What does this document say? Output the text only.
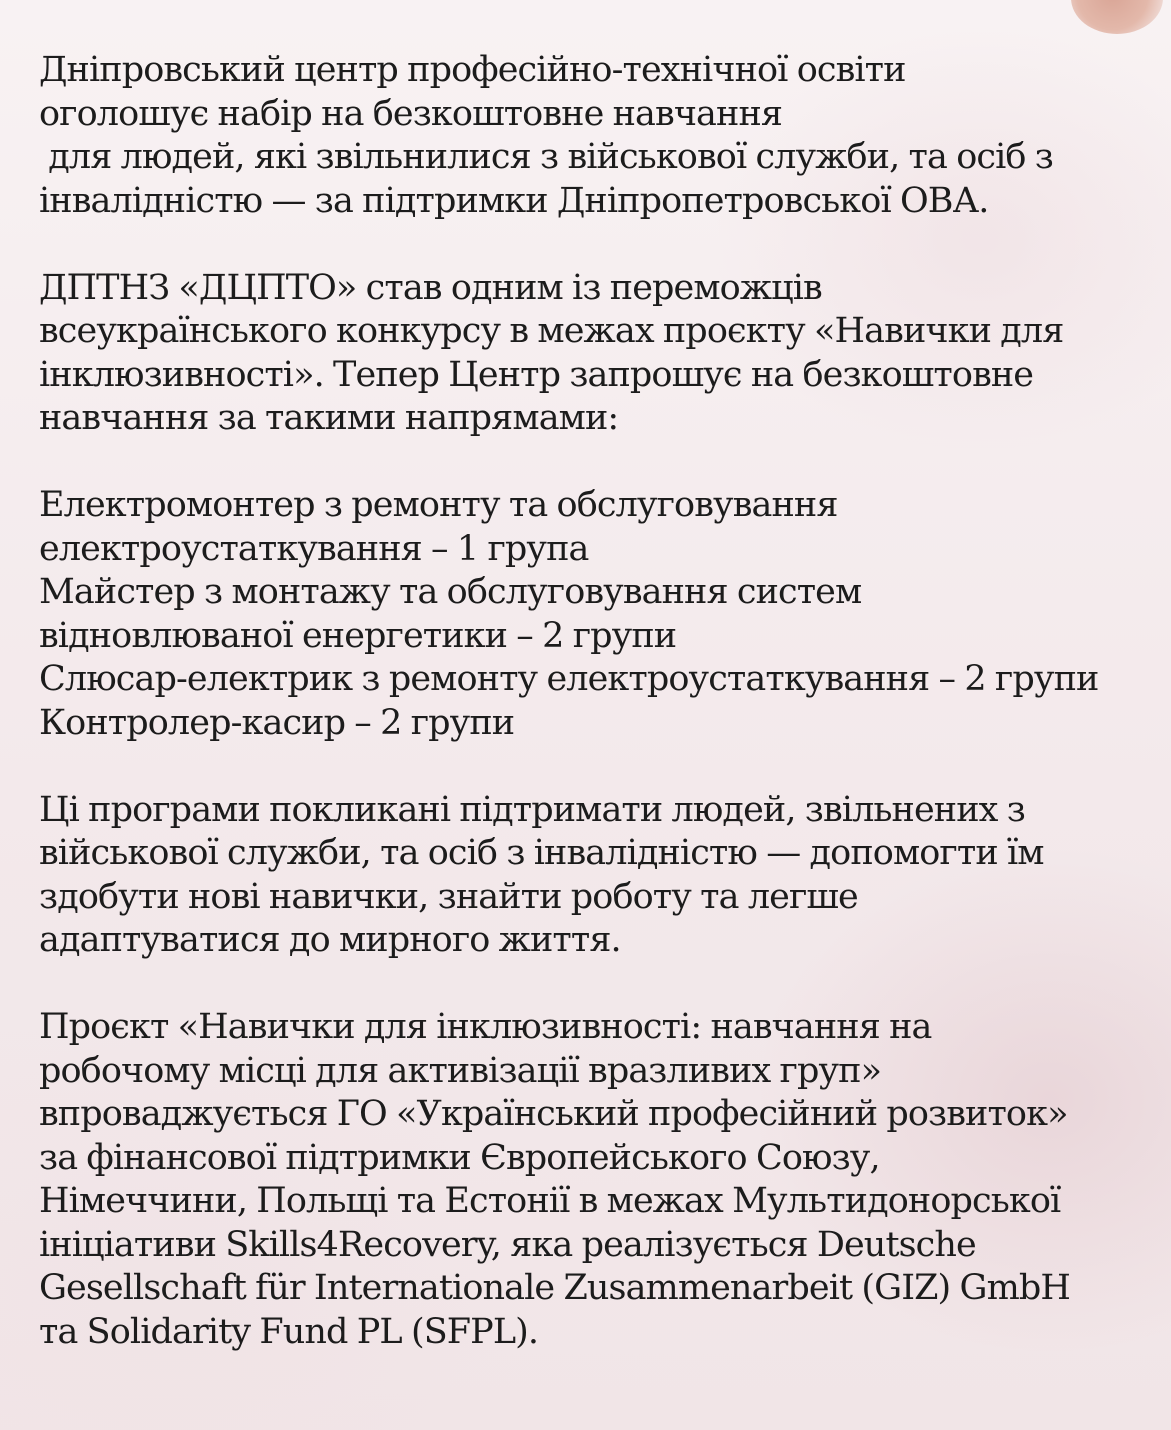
Дніпровський центр професійно-технічної освіти
оголошує набір на безкоштовне навчання
для людей, які звільнилися з військової служби, та осіб з
інвалідністю — за підтримки Дніпропетровської ОВА.

ДПТНЗ «ДЦПТО» став одним із переможців
всеукраїнського конкурсу в межах проєкту «Навички для
інклюзивності». Тепер Центр запрошує на безкоштовне
навчання за такими напрямами:

Електромонтер з ремонту та обслуговування
електроустаткування – 1 група
Майстер з монтажу та обслуговування систем
відновлюваної енергетики – 2 групи
Слюсар-електрик з ремонту електроустаткування – 2 групи
Контролер-касир – 2 групи

Ці програми покликані підтримати людей, звільнених з
військової служби, та осіб з інвалідністю — допомогти їм
здобути нові навички, знайти роботу та легше
адаптуватися до мирного життя.

Проєкт «Навички для інклюзивності: навчання на
робочому місці для активізації вразливих груп»
впроваджується ГО «Український професійний розвиток»
за фінансової підтримки Європейського Союзу,
Німеччини, Польщі та Естонії в межах Мультидонорської
ініціативи Skills4Recovery, яка реалізується Deutsche
Gesellschaft für Internationale Zusammenarbeit (GIZ) GmbH
та Solidarity Fund PL (SFPL).
